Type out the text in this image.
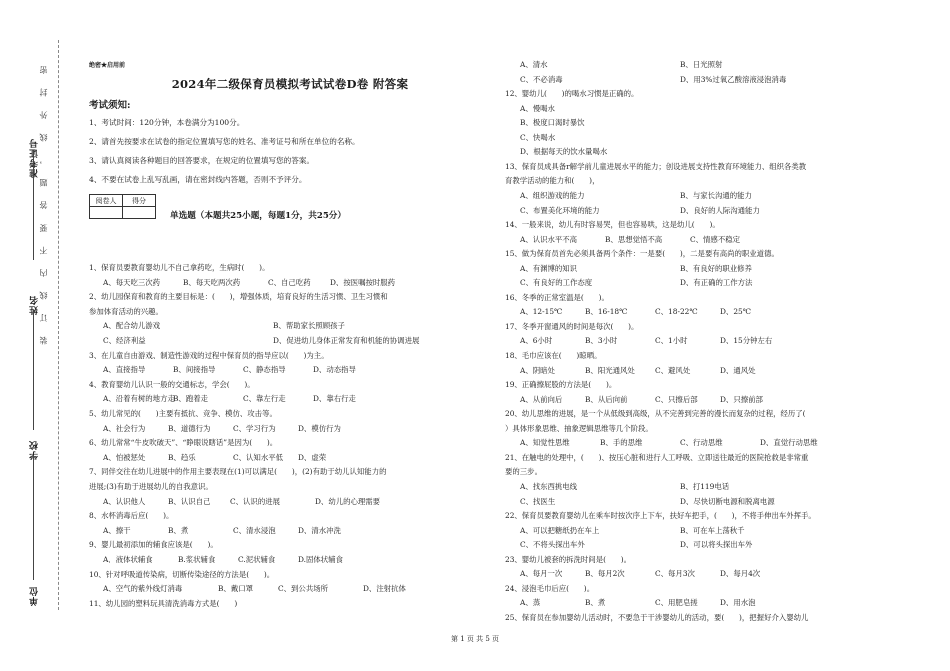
装 订 线 内 不 要 答 题 ， 线 外 封 密
准考证号
姓名
学校
单位
绝密★启用前
2024年二级保育员模拟考试试卷D卷 附答案
考试须知:
1、考试时间：120分钟，本卷满分为100分。
2、请首先按要求在试卷的指定位置填写您的姓名、准考证号和所在单位的名称。
3、请认真阅读各种题目的回答要求，在规定的位置填写您的答案。
4、不要在试卷上乱写乱画，请在密封线内答题，否则不予评分。
阅卷人	得分

单选题（本题共25小题，每题1分，共25分）
1、保育员要教育婴幼儿不自己拿药吃，生病时(　　)。
A、每天吃三次药	B、每天吃两次药	C、自己吃药	D、按医嘱按时服药
2、幼儿园保育和教育的主要目标是：(　　)，增强体质，培育良好的生活习惯、卫生习惯和
参加体育活动的兴趣。
A、配合幼儿游戏	B、帮助家长照顾孩子
C、经济利益	D、促进幼儿身体正常发育和机能的协调进展
3、在儿童自由游戏、制造性游戏的过程中保育员的指导应以(　　)为主。
A、直接指导	B、间接指导	C、静态指导	D、动态指导
4、教育婴幼儿认识一般的交通标志，学会(　　)。
A、沿着有树的地方走
B、跑着走	C、靠左行走	D、靠右行走
5、幼儿常见的(　　)主要有抵抗、竞争、模仿、攻击等。
A、社会行为	B、道德行为	C、学习行为	D、模仿行为
6、幼儿常常“牛皮吹破天”、“睁眼说瞎话”是因为(　　)。
A、怕被惩处	B、趋乐	C、认知水平低 D、虚荣
7、同伴交往在幼儿进展中的作用主要表现在(1)可以满足(　　)，(2)有助于幼儿认知能力的
进展;(3)有助于进展幼儿的自我意识。
A、认识他人	B、认识自己	C、认识的进展	D、幼儿的心理需要
8、水杯消毒后应(　　)。
A、擦干	B、煮	C、清水浸泡	D、清水冲洗
9、婴儿最初添加的辅食应该是(　　)。
A．液体状辅食	B.浆状辅食	C.泥状辅食	D.固体状辅食
10、针对呼吸道传染病，切断传染途径的方法是(　　)。
A、空气的紫外线灯消毒	B、戴口罩	C、到公共场所	D、注射抗体
11、幼儿园的塑料玩具清洗消毒方式是(　　)
A、清水	B、日光照射
C、不必消毒	D、用3%过氧乙酸溶液浸泡消毒
12、婴幼儿(　　)的喝水习惯是正确的。
A、慢喝水
B、极度口渴时暴饮
C、快喝水
D、根据每天的饮水量喝水
13、保育员成具备r解学前儿童进展水平的能力；创设进展支持性教育环境能力、组织各类教
育教学活动的能力和(　　)，
A、组织游戏的能力	B、与家长沟通的能力
C、布置美化环境的能力	D、良好的人际沟通能力
14、一般来说，幼儿有时容易哭，但也容易哄，这是幼儿(　　)。
A、认识水平不高	B、思想觉悟不高	C、情感不稳定
15、做为保育员首先必须具备两个条件：一是要(　　)，二是要有高尚的职业道德。
A、有渊博的知识	B、有良好的职业修养
C、有良好的工作态度	D、有正确的工作方法
16、冬季的正常室温是(　　)。
A、12-15℃	B、16-18℃	C、18-22℃	D、25℃
17、冬季开窗通风的时间是每次(　　)。
A、6小时	B、3小时	C、1小时	D、15分钟左右
18、毛巾应该在(　　)晾晒。
A、阴暗处	B、阳光通风处	C、避风处	D、通风处
19、正确擦屁股的方法是(　　)。
A、从前向后	B、从后向前	C、只擦后部	D、只擦前部
20、幼儿思维的进展，是一个从低级到高级，从不完善到完善的漫长而复杂的过程，经历了(
）具体形象思维、抽象逻辑思维等几个阶段。
A、知觉性思维	B、手的思维	C、行动思维	D、直觉行动思维
21、在触电的处理中，(　　)、按压心脏和进行人工呼吸、立即送往最近的医院抢救是非常重
要的三步。
A、找东西挑电线	B、打119电话
C、找医生	D、尽快切断电源和脱离电源
22、保育员要教育婴幼儿在乘车时按次序上下车，扶好车把手，(　　)，不将手伸出车外挥手。
A、可以把糖纸扔在车上	B、可在车上荡秋千
C、不将头探出车外	D、可以将头探出车外
23、婴幼儿被套的拆洗时间是(　　)。
A、每月一次	B、每月2次	C、每月3次	D、每月4次
24、浸泡毛巾后应(　　)。
A、蒸	B、煮	C、用肥皂搓	D、用水泡
25、保育员在参加婴幼儿活动时，不要急于干涉婴幼儿的活动，要(　　)，把握好介入婴幼儿
第 1 页 共 5 页
